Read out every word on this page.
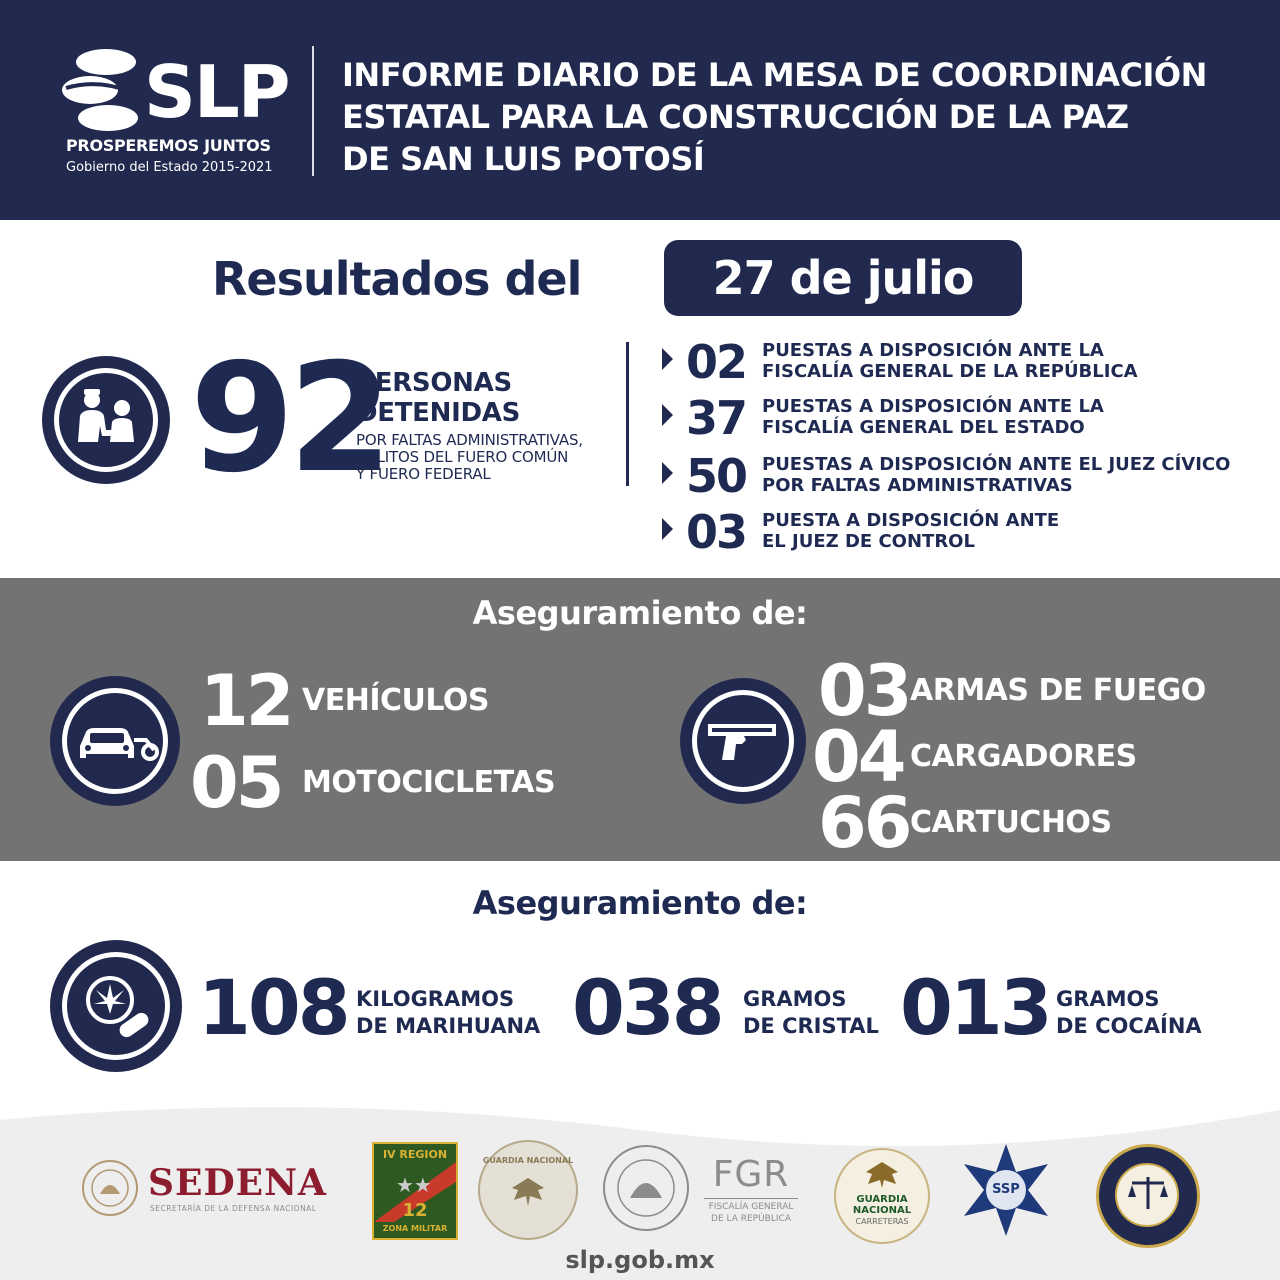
SLP
PROSPEREMOS JUNTOS
Gobierno del Estado 2015-2021
INFORME DIARIO DE LA MESA DE COORDINACIÓN
ESTATAL PARA LA CONSTRUCCIÓN DE LA PAZ
DE SAN LUIS POTOSÍ
Resultados del	27 de julio
92
PERSONAS
DETENIDAS
POR FALTAS ADMINISTRATIVAS,
DELITOS DEL FUERO COMÚN
Y FUERO FEDERAL
02 PUESTAS A DISPOSICIÓN ANTE LA
FISCALÍA GENERAL DE LA REPÚBLICA
37 PUESTAS A DISPOSICIÓN ANTE LA
FISCALÍA GENERAL DEL ESTADO
50 PUESTAS A DISPOSICIÓN ANTE EL JUEZ CÍVICO
POR FALTAS ADMINISTRATIVAS
03 PUESTA A DISPOSICIÓN ANTE
EL JUEZ DE CONTROL
Aseguramiento de:
12 VEHÍCULOS
05 MOTOCICLETAS
03 ARMAS DE FUEGO
04 CARGADORES
66 CARTUCHOS
Aseguramiento de:
108 KILOGRAMOS
DE MARIHUANA 038 GRAMOS
DE CRISTAL 013 GRAMOS
DE COCAÍNA
SEDENA
SECRETARÍA DE LA DEFENSA NACIONAL
IV REGION
★★
12
ZONA MILITAR
GUARDIA NACIONAL	FGR
FISCALÍA GENERAL
DE LA REPÚBLICA
GUARDIA
NACIONAL
CARRETERAS
SSP
slp.gob.mx
